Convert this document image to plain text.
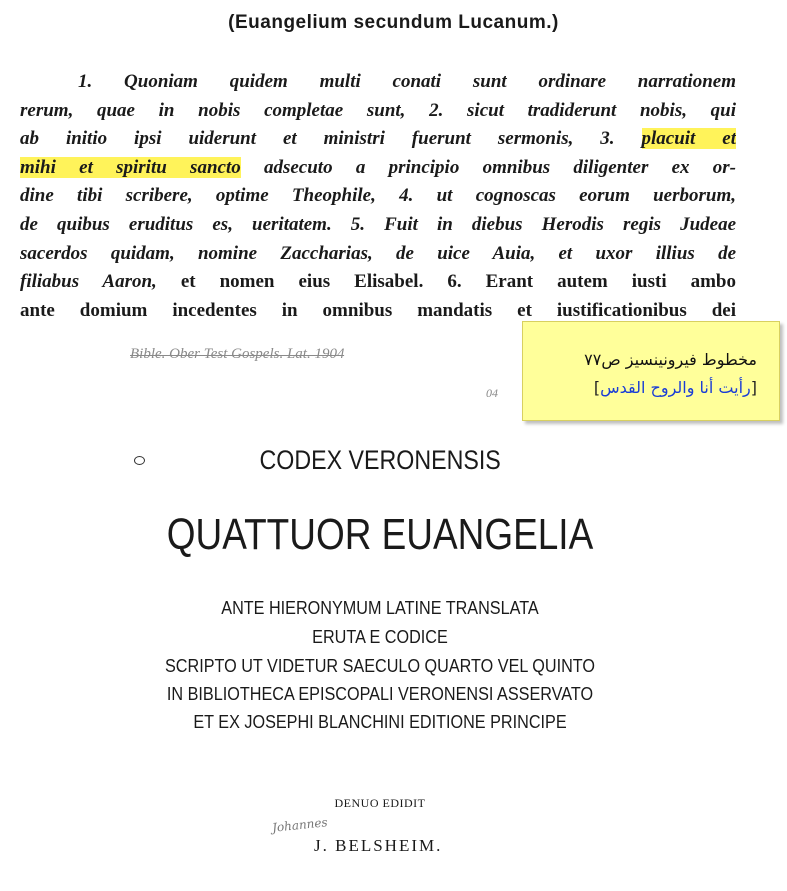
(Euangelium secundum Lucanum.)
1. Quoniam quidem multi conati sunt ordinare narrationem
rerum, quae in nobis completae sunt, 2. sicut tradiderunt nobis, qui
ab initio ipsi uiderunt et ministri fuerunt sermonis, 3. placuit et
mihi et spiritu sancto adsecuto a principio omnibus diligenter ex or-
dine tibi scribere, optime Theophile, 4. ut cognoscas eorum uerborum,
de quibus eruditus es, ueritatem. 5. Fuit in diebus Herodis regis Judeae
sacerdos quidam, nomine Zaccharias, de uice Auia, et uxor illius de
filiabus Aaron, et nomen eius Elisabel. 6. Erant autem iusti ambo
ante domium incedentes in omnibus mandatis et iustificationibus dei
Bible. Ober Test Gospels. Lat. 1904
04
مخطوط فيرونينسيز ص٧٧
[رأيت أنا والروح القدس]
CODEX VERONENSIS
QUATTUOR EUANGELIA
ANTE HIERONYMUM LATINE TRANSLATA
ERUTA E CODICE
SCRIPTO UT VIDETUR SAECULO QUARTO VEL QUINTO
IN BIBLIOTHECA EPISCOPALI VERONENSI ASSERVATO
ET EX JOSEPHI BLANCHINI EDITIONE PRINCIPE
DENUO EDIDIT
Johannes
J. BELSHEIM.
